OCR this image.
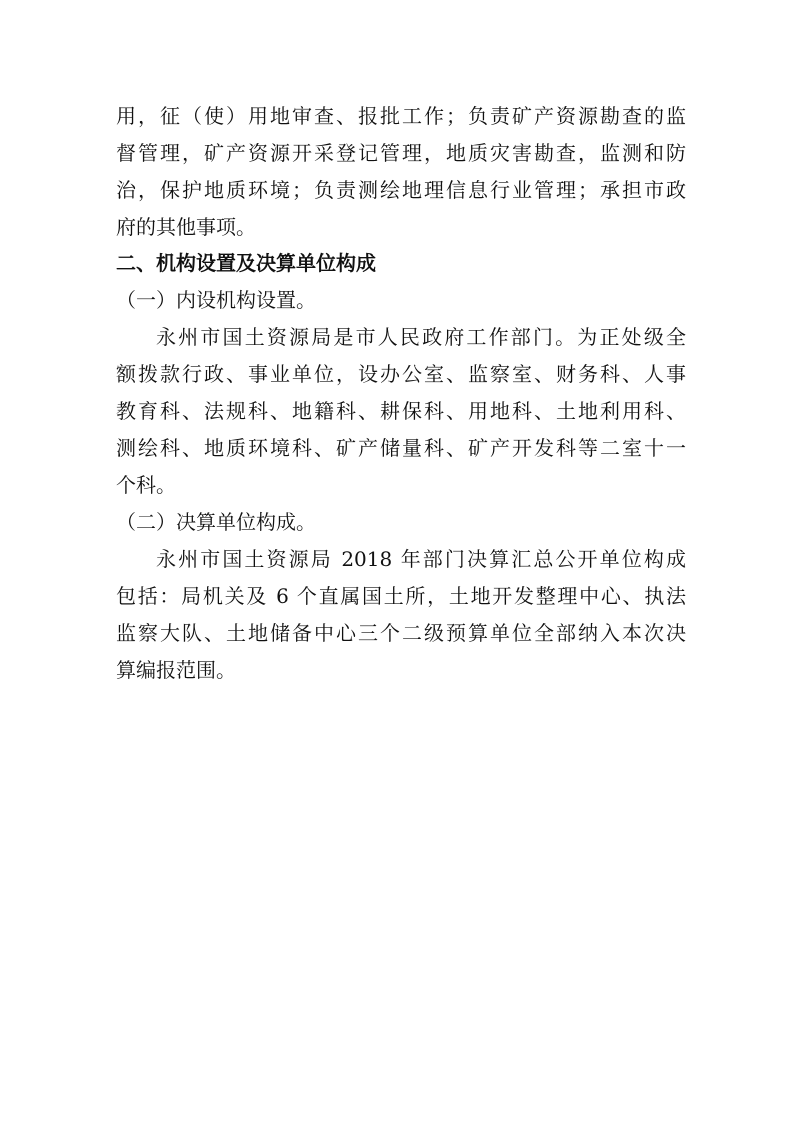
用，征（使）用地审查、报批工作；负责矿产资源勘查的监
督管理，矿产资源开采登记管理，地质灾害勘查，监测和防
治，保护地质环境；负责测绘地理信息行业管理；承担市政
府的其他事项。
二、机构设置及决算单位构成
（一）内设机构设置。
永州市国土资源局是市人民政府工作部门。为正处级全
额拨款行政、事业单位，设办公室、监察室、财务科、人事
教育科、法规科、地籍科、耕保科、用地科、土地利用科、
测绘科、地质环境科、矿产储量科、矿产开发科等二室十一
个科。
（二）决算单位构成。
永州市国土资源局 2018 年部门决算汇总公开单位构成
包括：局机关及 6 个直属国土所，土地开发整理中心、执法
监察大队、土地储备中心三个二级预算单位全部纳入本次决
算编报范围。
